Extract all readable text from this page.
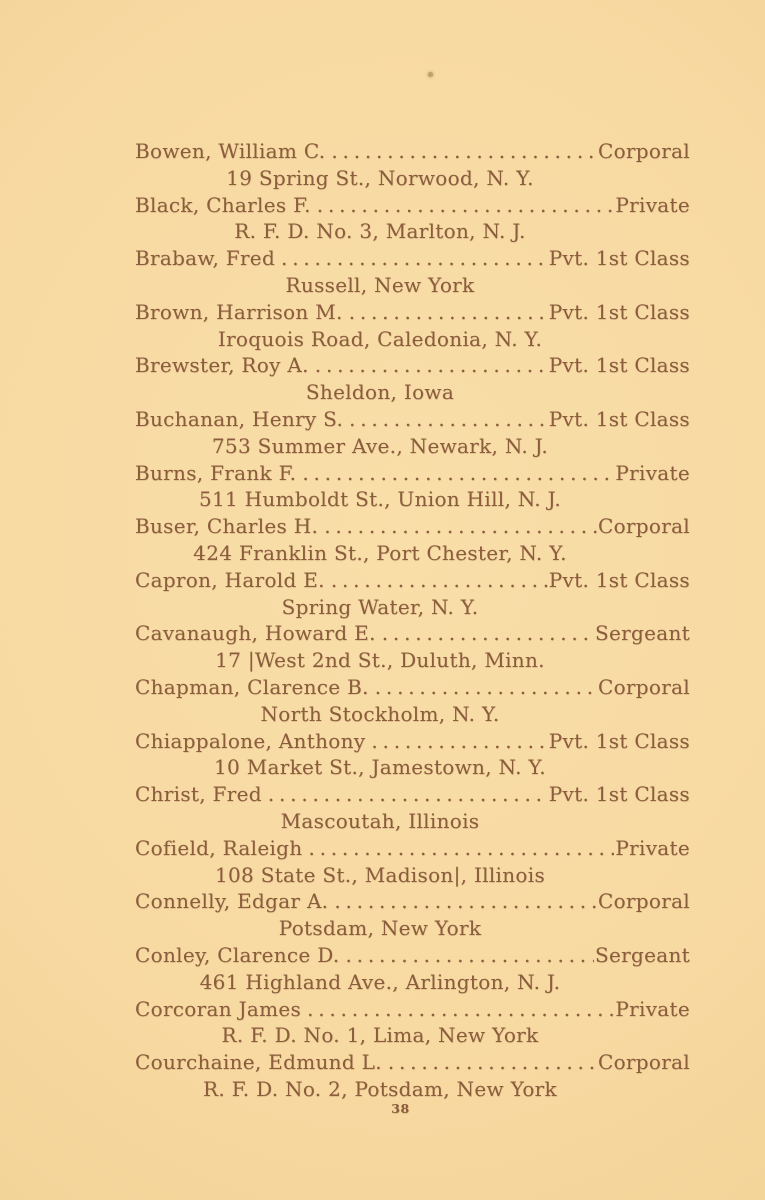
Bowen, William C. .....	Corporal
19 Spring St., Norwood, N. Y.
Black, Charles F. .....	Private
R. F. D. No. 3, Marlton, N. J.
Brabaw, Fred .....	Pvt. 1st Class
Russell, New York
Brown, Harrison M. .....	Pvt. 1st Class
Iroquois Road, Caledonia, N. Y.
Brewster, Roy A. .....	Pvt. 1st Class
Sheldon, Iowa
Buchanan, Henry S. .....	Pvt. 1st Class
753 Summer Ave., Newark, N. J.
Burns, Frank F. .....	Private
511 Humboldt St., Union Hill, N. J.
Buser, Charles H. .....	Corporal
424 Franklin St., Port Chester, N. Y.
Capron, Harold E. .....	Pvt. 1st Class
Spring Water, N. Y.
Cavanaugh, Howard E. .....	Sergeant
17 |West 2nd St., Duluth, Minn.
Chapman, Clarence B. .....	Corporal
North Stockholm, N. Y.
Chiappalone, Anthony .....	Pvt. 1st Class
10 Market St., Jamestown, N. Y.
Christ, Fred .....	Pvt. 1st Class
Mascoutah, Illinois
Cofield, Raleigh .....	Private
108 State St., Madison|, Illinois
Connelly, Edgar A. .....	Corporal
Potsdam, New York
Conley, Clarence D. .....	Sergeant
461 Highland Ave., Arlington, N. J.
Corcoran James .....	Private
R. F. D. No. 1, Lima, New York
Courchaine, Edmund L. .....	Corporal
R. F. D. No. 2, Potsdam, New York
38
